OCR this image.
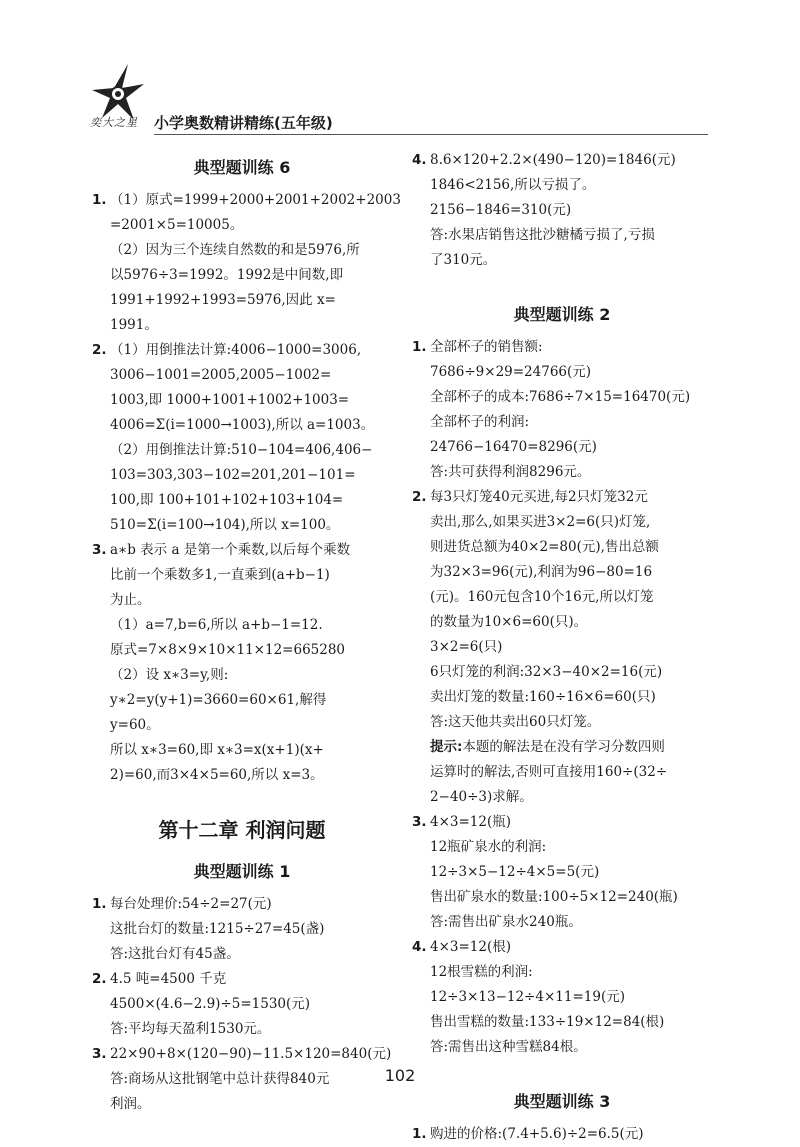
奕大之星 小学奥数精讲精练(五年级)
典型题训练 6
1. （1）原式=1999+2000+2001+2002+2003
=2001×5=10005。
（2）因为三个连续自然数的和是5976,所
以5976÷3=1992。1992是中间数,即
1991+1992+1993=5976,因此 x=
1991。
2. （1）用倒推法计算:4006−1000=3006,
3006−1001=2005,2005−1002=
1003,即 1000+1001+1002+1003=
4006=Σ(i=1000→1003),所以 a=1003。
（2）用倒推法计算:510−104=406,406−
103=303,303−102=201,201−101=
100,即 100+101+102+103+104=
510=Σ(i=100→104),所以 x=100。
3. a∗b 表示 a 是第一个乘数,以后每个乘数
比前一个乘数多1,一直乘到(a+b−1)
为止。
（1）a=7,b=6,所以 a+b−1=12.
原式=7×8×9×10×11×12=665280
（2）设 x∗3=y,则:
y∗2=y(y+1)=3660=60×61,解得
y=60。
所以 x∗3=60,即 x∗3=x(x+1)(x+
2)=60,而3×4×5=60,所以 x=3。
第十二章 利润问题
典型题训练 1
1. 每台处理价:54÷2=27(元)
这批台灯的数量:1215÷27=45(盏)
答:这批台灯有45盏。
2. 4.5 吨=4500 千克
4500×(4.6−2.9)÷5=1530(元)
答:平均每天盈利1530元。
3. 22×90+8×(120−90)−11.5×120=840(元)
答:商场从这批钢笔中总计获得840元
利润。
4. 8.6×120+2.2×(490−120)=1846(元)
1846<2156,所以亏损了。
2156−1846=310(元)
答:水果店销售这批沙糖橘亏损了,亏损
了310元。
典型题训练 2
1. 全部杯子的销售额:
7686÷9×29=24766(元)
全部杯子的成本:7686÷7×15=16470(元)
全部杯子的利润:
24766−16470=8296(元)
答:共可获得利润8296元。
2. 每3只灯笼40元买进,每2只灯笼32元
卖出,那么,如果买进3×2=6(只)灯笼,
则进货总额为40×2=80(元),售出总额
为32×3=96(元),利润为96−80=16
(元)。160元包含10个16元,所以灯笼
的数量为10×6=60(只)。
3×2=6(只)
6只灯笼的利润:32×3−40×2=16(元)
卖出灯笼的数量:160÷16×6=60(只)
答:这天他共卖出60只灯笼。
提示:本题的解法是在没有学习分数四则
运算时的解法,否则可直接用160÷(32÷
2−40÷3)求解。
3. 4×3=12(瓶)
12瓶矿泉水的利润:
12÷3×5−12÷4×5=5(元)
售出矿泉水的数量:100÷5×12=240(瓶)
答:需售出矿泉水240瓶。
4. 4×3=12(根)
12根雪糕的利润:
12÷3×13−12÷4×11=19(元)
售出雪糕的数量:133÷19×12=84(根)
答:需售出这种雪糕84根。
典型题训练 3
1. 购进的价格:(7.4+5.6)÷2=6.5(元)
102
